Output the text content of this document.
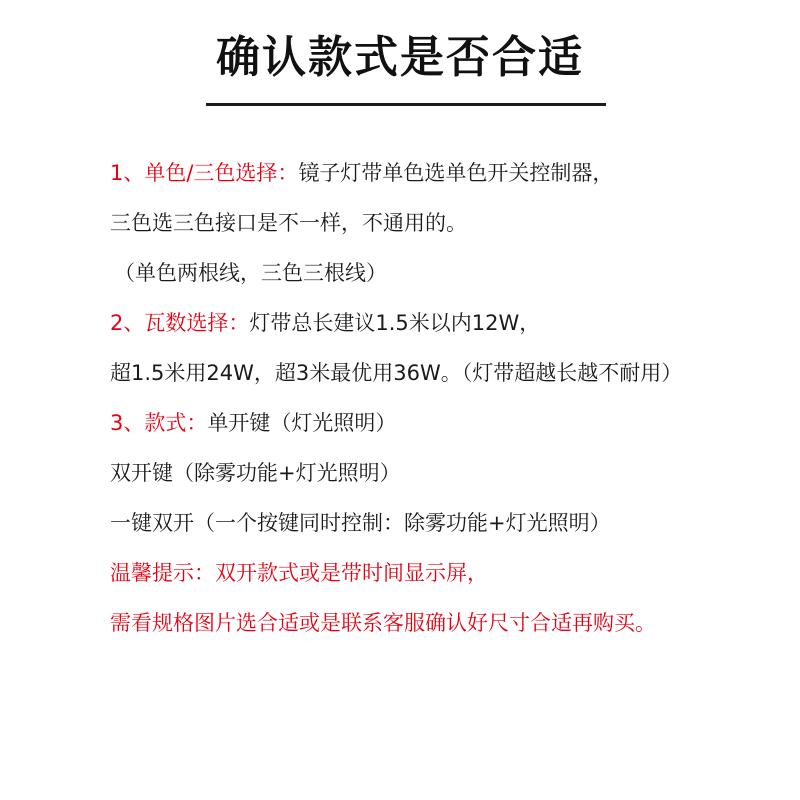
确认款式是否合适
1、单色/三色选择：镜子灯带单色选单色开关控制器，
三色选三色接口是不一样，不通用的。
（单色两根线，三色三根线）
2、瓦数选择：灯带总长建议1.5米以内12W，
超1.5米用24W，超3米最优用36W。（灯带超越长越不耐用）
3、款式：单开键（灯光照明）
双开键（除雾功能+灯光照明）
一键双开（一个按键同时控制：除雾功能+灯光照明）
温馨提示：双开款式或是带时间显示屏，
需看规格图片选合适或是联系客服确认好尺寸合适再购买。
